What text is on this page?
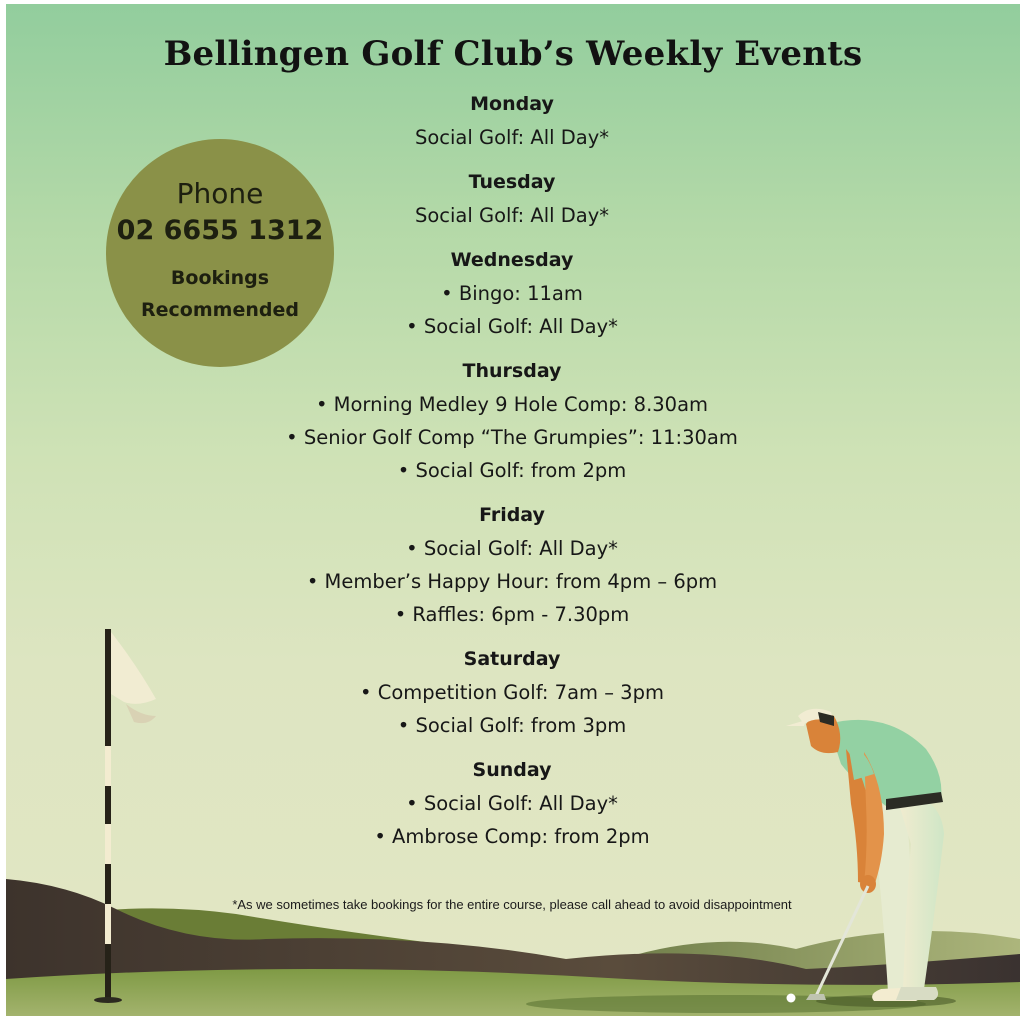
Bellingen Golf Club’s Weekly Events
Phone
02 6655 1312
Bookings
Recommended
Monday
Social Golf: All Day*
Tuesday
Social Golf: All Day*
Wednesday
• Bingo: 11am
• Social Golf: All Day*
Thursday
• Morning Medley 9 Hole Comp: 8.30am
• Senior Golf Comp “The Grumpies”: 11:30am
• Social Golf: from 2pm
Friday
• Social Golf: All Day*
• Member’s Happy Hour: from 4pm – 6pm
• Raffles: 6pm - 7.30pm
Saturday
• Competition Golf: 7am – 3pm
• Social Golf: from 3pm
Sunday
• Social Golf: All Day*
• Ambrose Comp: from 2pm
*As we sometimes take bookings for the entire course, please call ahead to avoid disappointment
